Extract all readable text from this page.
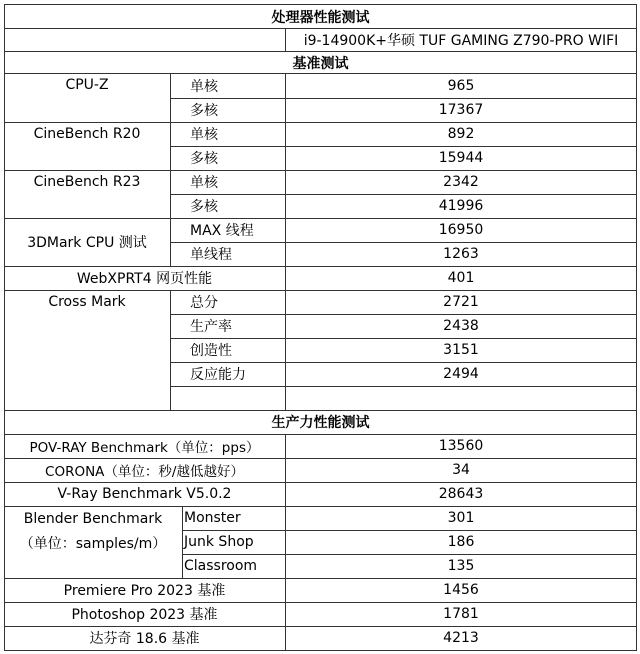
处理器性能测试
i9-14900K+华硕 TUF GAMING Z790-PRO WIFI
基准测试
CPU-Z	单核	965
多核	17367
CineBench R20	单核	892
多核	15944
CineBench R23	单核	2342
多核	41996
3DMark CPU 测试
MAX 线程	16950
单线程	1263
WebXPRT4 网页性能	401
Cross Mark	总分	2721
生产率	2438
创造性	3151
反应能力	2494
生产力性能测试
POV-RAY Benchmark（单位：pps）	13560
CORONA（单位：秒/越低越好）	34
V-Ray Benchmark V5.0.2	28643
Blender Benchmark
（单位：samples/m）
Monster	301
Junk Shop	186
Classroom	135
Premiere Pro 2023 基准	1456
Photoshop 2023 基准	1781
达芬奇 18.6 基准	4213
